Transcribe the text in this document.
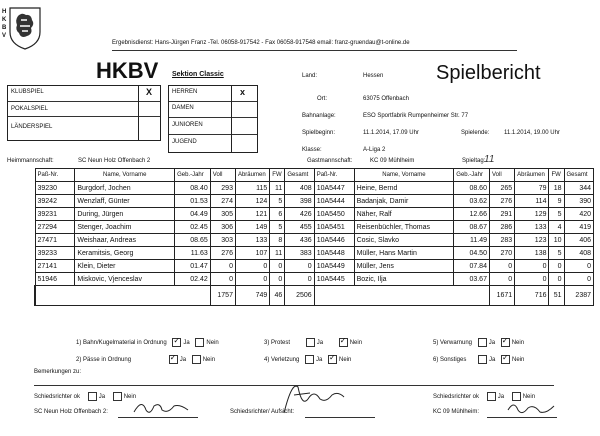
H
K
B
V
Ergebnisdienst: Hans-Jürgen Franz -Tel. 06058-917542 - Fax 06058-917548 email: franz-gruendau@t-online.de
HKBV Sektion Classic	Spielbericht
KLUBSPIEL	X
POKALSPIEL
LÄNDERSPIEL
HERREN	x
DAMEN
JUNIOREN
JUGEND
Land:	Hessen
Ort:	63075 Offenbach
Bahnanlage:	ESO Sportfabrik Rumpenheimer Str. 77
Spielbeginn:	11.1.2014, 17.09 Uhr	Spielende: 11.1.2014, 19.00 Uhr
Klasse:	A-Liga 2
Heimmannschaft:	SC Neun Holz Offenbach 2	Gastmannschaft:	KC 09 Mühlheim	Spieltag:
11
Paß-Nr.	Name, Vorname	Geb.-Jahr	Voll	Abräumen	FW	Gesamt	Paß-Nr.	Name, Vorname	Geb.-Jahr	Voll	Abräumen	FW	Gesamt
39230	Burgdorf, Jochen	08.40	293	115	11	408	10A5447	Heine, Bernd	08.60	265	79	18	344
39242	Wenzlaff, Günter	01.53	274	124	5	398	10A5444	Badanjak, Damir	03.62	276	114	9	390
39231	During, Jürgen	04.49	305	121	6	426	10A5450	Näher, Ralf	12.66	291	129	5	420
27294	Stenger, Joachim	02.45	306	149	5	455	10A5451	Reisenbüchler, Thomas	08.67	286	133	4	419
27471	Weishaar, Andreas	08.65	303	133	8	436	10A5446	Cosic, Slavko	11.49	283	123	10	406
39233	Keramitsis, Georg	11.63	276	107	11	383	10A5448	Müller, Hans Martin	04.50	270	138	5	408
27141	Klein, Dieter	01.47	0	0	0	0	10A5449	Müller, Jens	07.84	0	0	0	0
51946	Miskovic, Vjenceslav	02.42	0	0	0	0	10A5445	Bozic, Ilja	03.67	0	0	0	0
			1757	749	46	2506				1671	716	51	2387
1) Bahn/Kugelmaterial in Ordnung ✓ Ja	Nein	3) Protest	Ja ✓ Nein	5) Verwarnung	Ja ✓ Nein
2) Pässe in Ordnung	✓ Ja	Nein	4) Verletzung	Ja ✓ Nein	6) Sonstiges	Ja ✓ Nein
Bemerkungen zu:
Schiedsrichter ok	Ja	Nein	Schiedsrichter ok	Ja	Nein
SC Neun Holz Offenbach 2:	Schiedsrichter/ Aufsicht:	KC 09 Mühlheim:
